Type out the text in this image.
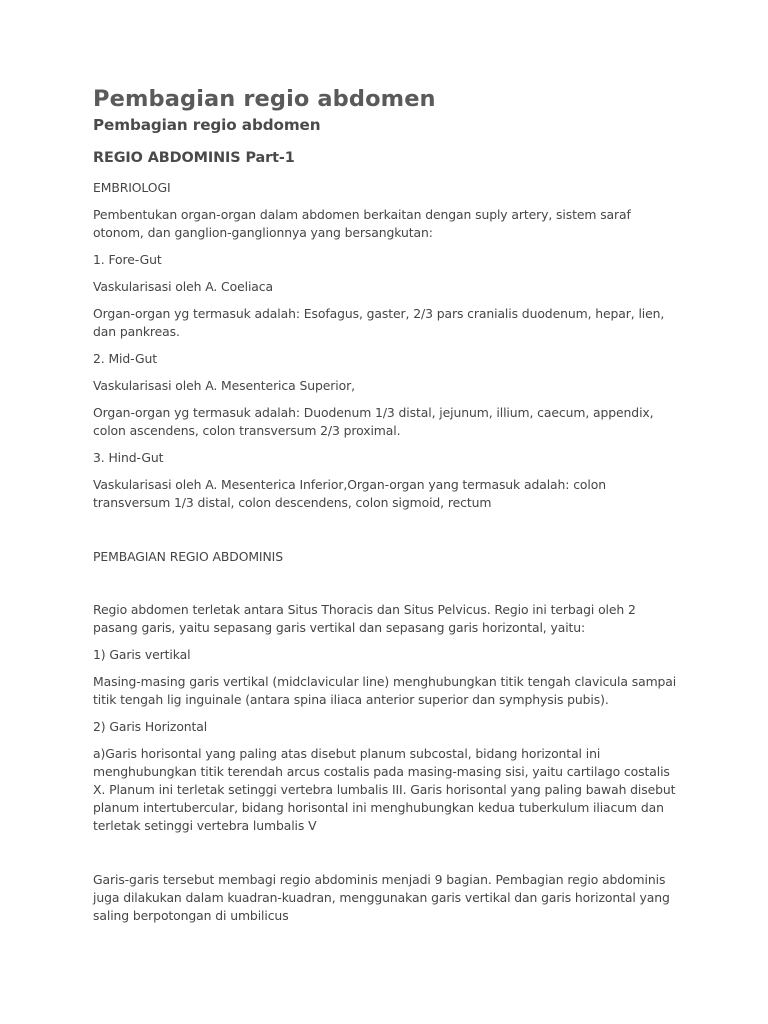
Pembagian regio abdomen

Pembagian regio abdomen

REGIO ABDOMINIS Part-1

EMBRIOLOGI

Pembentukan organ-organ dalam abdomen berkaitan dengan suply artery, sistem saraf otonom, dan ganglion-ganglionnya yang bersangkutan:

1. Fore-Gut

Vaskularisasi oleh A. Coeliaca

Organ-organ yg termasuk adalah: Esofagus, gaster, 2/3 pars cranialis duodenum, hepar, lien, dan pankreas.

2. Mid-Gut

Vaskularisasi oleh A. Mesenterica Superior,

Organ-organ yg termasuk adalah: Duodenum 1/3 distal, jejunum, illium, caecum, appendix, colon ascendens, colon transversum 2/3 proximal.

3. Hind-Gut

Vaskularisasi oleh A. Mesenterica Inferior,Organ-organ yang termasuk adalah: colon transversum 1/3 distal, colon descendens, colon sigmoid, rectum

PEMBAGIAN REGIO ABDOMINIS

Regio abdomen terletak antara Situs Thoracis dan Situs Pelvicus. Regio ini terbagi oleh 2 pasang garis, yaitu sepasang garis vertikal dan sepasang garis horizontal, yaitu:

1) Garis vertikal

Masing-masing garis vertikal (midclavicular line) menghubungkan titik tengah clavicula sampai titik tengah lig inguinale (antara spina iliaca anterior superior dan symphysis pubis).

2) Garis Horizontal

a)Garis horisontal yang paling atas disebut planum subcostal, bidang horizontal ini menghubungkan titik terendah arcus costalis pada masing-masing sisi, yaitu cartilago costalis X. Planum ini terletak setinggi vertebra lumbalis III. Garis horisontal yang paling bawah disebut planum intertubercular, bidang horisontal ini menghubungkan kedua tuberkulum iliacum dan terletak setinggi vertebra lumbalis V

Garis-garis tersebut membagi regio abdominis menjadi 9 bagian. Pembagian regio abdominis juga dilakukan dalam kuadran-kuadran, menggunakan garis vertikal dan garis horizontal yang saling berpotongan di umbilicus
